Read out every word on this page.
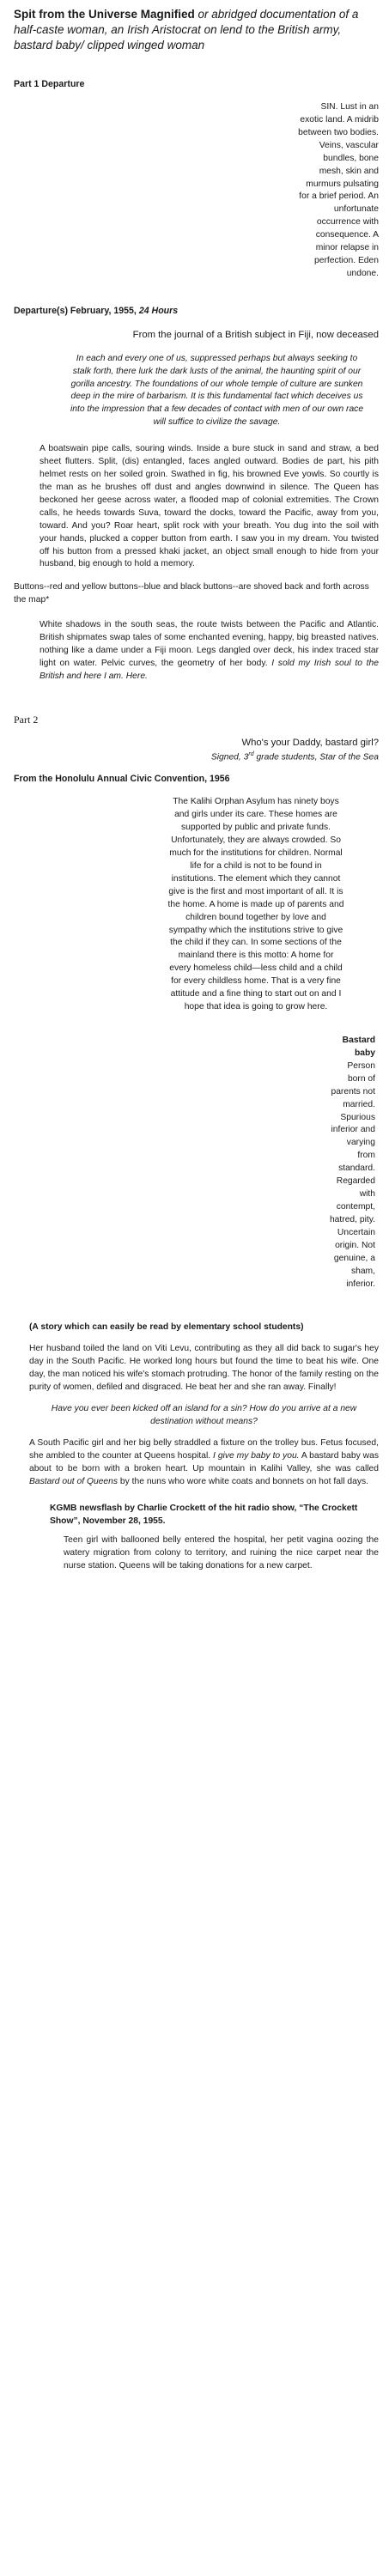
Spit from the Universe Magnified or abridged documentation of a half-caste woman, an Irish Aristocrat on lend to the British army, bastard baby/ clipped winged woman

Part 1 Departure
SIN. Lust in an exotic land. A midrib between two bodies. Veins, vascular bundles, bone mesh, skin and murmurs pulsating for a brief period. An unfortunate occurrence with consequence. A minor relapse in perfection. Eden undone.

Departure(s) February, 1955, 24 Hours

From the journal of a British subject in Fiji, now deceased

In each and every one of us, suppressed perhaps but always seeking to stalk forth, there lurk the dark lusts of the animal, the haunting spirit of our gorilla ancestry. The foundations of our whole temple of culture are sunken deep in the mire of barbarism. It is this fundamental fact which deceives us into the impression that a few decades of contact with men of our own race will suffice to civilize the savage.

A boatswain pipe calls, souring winds. Inside a bure stuck in sand and straw, a bed sheet flutters. Split, (dis) entangled, faces angled outward. Bodies de part, his pith helmet rests on her soiled groin. Swathed in fig, his browned Eve yowls. So courtly is the man as he brushes off dust and angles downwind in silence. The Queen has beckoned her geese across water, a flooded map of colonial extremities. The Crown calls, he heeds towards Suva, toward the docks, toward the Pacific, away from you, toward. And you? Roar heart, split rock with your breath. You dug into the soil with your hands, plucked a copper button from earth. I saw you in my dream. You twisted off his button from a pressed khaki jacket, an object small enough to hide from your husband, big enough to hold a memory.

Buttons--red and yellow buttons--blue and black buttons--are shoved back and forth across the map*

White shadows in the south seas, the route twists between the Pacific and Atlantic. British shipmates swap tales of some enchanted evening, happy, big breasted natives. nothing like a dame under a Fiji moon. Legs dangled over deck, his index traced star light on water. Pelvic curves, the geometry of her body. I sold my Irish soul to the British and here I am. Here.

Part 2

Who's your Daddy, bastard girl?

Signed, 3rd grade students, Star of the Sea

From the Honolulu Annual Civic Convention, 1956

The Kalihi Orphan Asylum has ninety boys and girls under its care. These homes are supported by public and private funds. Unfortunately, they are always crowded. So much for the institutions for children. Normal life for a child is not to be found in institutions. The element which they cannot give is the first and most important of all. It is the home. A home is made up of parents and children bound together by love and sympathy which the institutions strive to give the child if they can. In some sections of the mainland there is this motto: A home for every homeless child—less child and a child for every childless home. That is a very fine attitude and a fine thing to start out on and I hope that idea is going to grow here.
Bastard baby
Person born of parents not married. Spurious inferior and varying from standard. Regarded with contempt, hatred, pity. Uncertain origin. Not genuine, a sham, inferior.

(A story which can easily be read by elementary school students)

Her husband toiled the land on Viti Levu, contributing as they all did back to sugar's hey day in the South Pacific. He worked long hours but found the time to beat his wife. One day, the man noticed his wife's stomach protruding. The honor of the family resting on the purity of women, defiled and disgraced. He beat her and she ran away. Finally!

Have you ever been kicked off an island for a sin? How do you arrive at a new destination without means?

A South Pacific girl and her big belly straddled a fixture on the trolley bus. Fetus focused, she ambled to the counter at Queens hospital. I give my baby to you. A bastard baby was about to be born with a broken heart. Up mountain in Kalihi Valley, she was called Bastard out of Queens by the nuns who wore white coats and bonnets on hot fall days.

KGMB newsflash by Charlie Crockett of the hit radio show, “The Crockett Show”, November 28, 1955.

Teen girl with ballooned belly entered the hospital, her petit vagina oozing the watery migration from colony to territory, and ruining the nice carpet near the nurse station. Queens will be taking donations for a new carpet.
